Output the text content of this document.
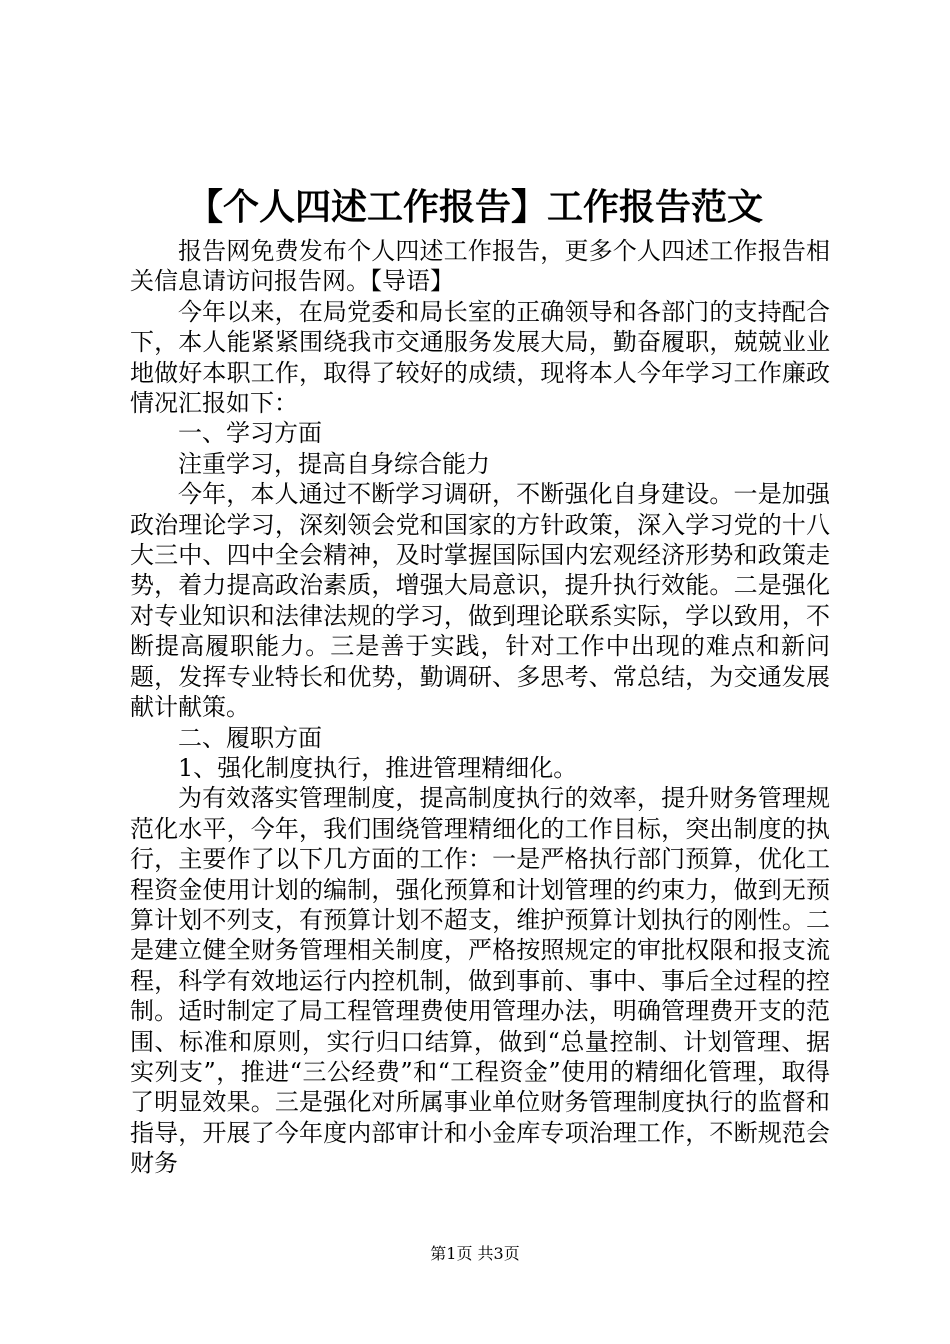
【个人四述工作报告】工作报告范文

报告网免费发布个人四述工作报告，更多个人四述工作报告相关信息请访问报告网。【导语】

今年以来，在局党委和局长室的正确领导和各部门的支持配合下，本人能紧紧围绕我市交通服务发展大局，勤奋履职，兢兢业业地做好本职工作，取得了较好的成绩，现将本人今年学习工作廉政情况汇报如下：

一、学习方面

注重学习，提高自身综合能力

今年，本人通过不断学习调研，不断强化自身建设。一是加强政治理论学习，深刻领会党和国家的方针政策，深入学习党的十八大三中、四中全会精神，及时掌握国际国内宏观经济形势和政策走势，着力提高政治素质，增强大局意识，提升执行效能。二是强化对专业知识和法律法规的学习，做到理论联系实际，学以致用，不断提高履职能力。三是善于实践，针对工作中出现的难点和新问题，发挥专业特长和优势，勤调研、多思考、常总结，为交通发展献计献策。

二、履职方面

1、强化制度执行，推进管理精细化。

为有效落实管理制度，提高制度执行的效率，提升财务管理规范化水平，今年，我们围绕管理精细化的工作目标，突出制度的执行，主要作了以下几方面的工作：一是严格执行部门预算，优化工程资金使用计划的编制，强化预算和计划管理的约束力，做到无预算计划不列支，有预算计划不超支，维护预算计划执行的刚性。二是建立健全财务管理相关制度，严格按照规定的审批权限和报支流程，科学有效地运行内控机制，做到事前、事中、事后全过程的控制。适时制定了局工程管理费使用管理办法，明确管理费开支的范围、标准和原则，实行归口结算，做到“总量控制、计划管理、据实列支”，推进“三公经费”和“工程资金”使用的精细化管理，取得了明显效果。三是强化对所属事业单位财务管理制度执行的监督和指导，开展了今年度内部审计和小金库专项治理工作，不断规范会财务

第1页 共3页
